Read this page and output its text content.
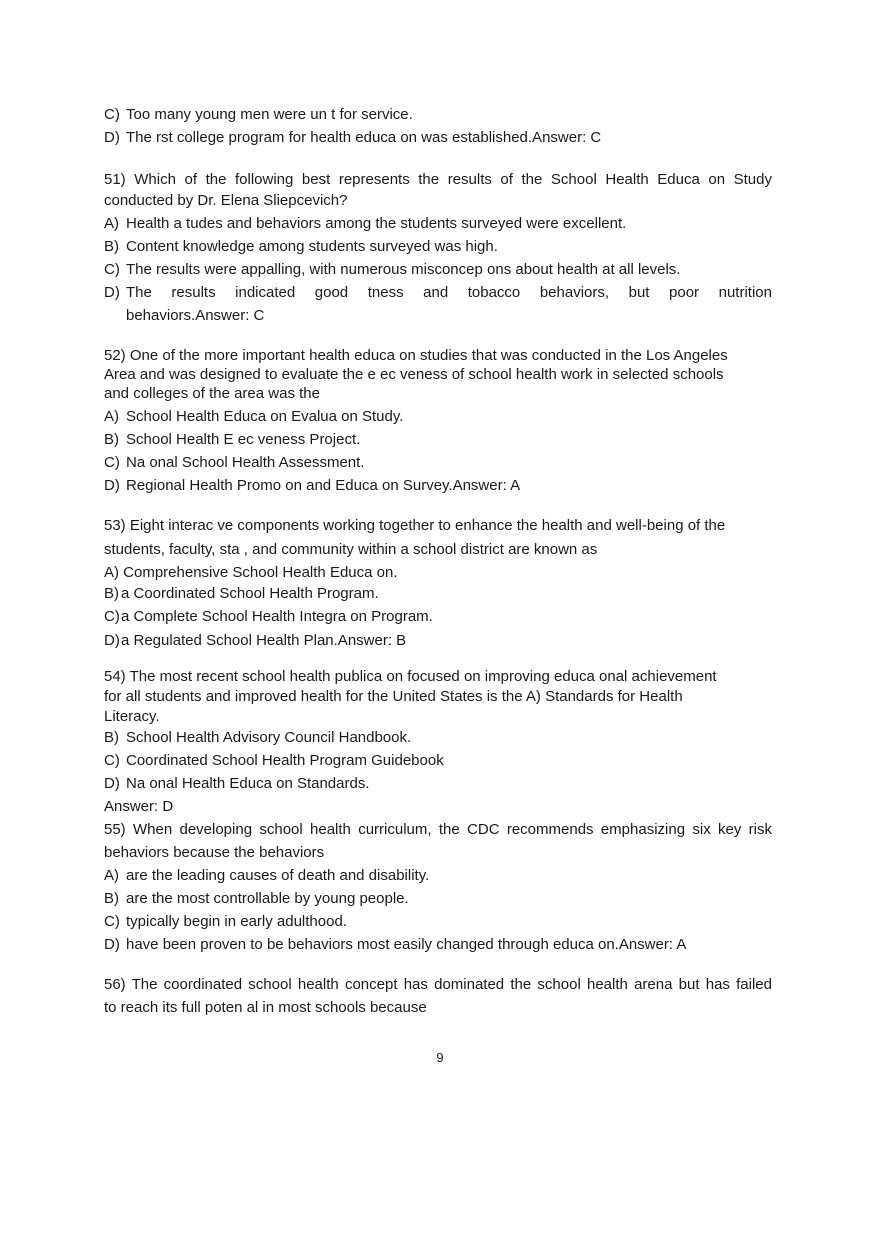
C) Too many young men were un t for service.
D) The rst college program for health educa on was established.Answer: C
51) Which of the following best represents the results of the School Health Educa on Study
conducted by Dr. Elena Sliepcevich?
A) Health a tudes and behaviors among the students surveyed were excellent.
B) Content knowledge among students surveyed was high.
C) The results were appalling, with numerous misconcep ons about health at all levels.
D) The results indicated good tness and tobacco behaviors, but poor nutrition
behaviors.Answer: C
52) One of the more important health educa on studies that was conducted in the Los Angeles
Area and was designed to evaluate the e ec veness of school health work in selected schools
and colleges of the area was the
A) School Health Educa on Evalua on Study.
B) School Health E ec veness Project.
C) Na onal School Health Assessment.
D) Regional Health Promo on and Educa on Survey.Answer: A
53) Eight interac ve components working together to enhance the health and well-being of the
students, faculty, sta , and community within a school district are known as
A) Comprehensive School Health Educa on.
B) a Coordinated School Health Program.
C)a Complete School Health Integra on Program.
D)a Regulated School Health Plan.Answer: B
54) The most recent school health publica on focused on improving educa onal achievement
for all students and improved health for the United States is the A) Standards for Health
Literacy.
B) School Health Advisory Council Handbook.
C) Coordinated School Health Program Guidebook
D) Na onal Health Educa on Standards.
Answer: D
55) When developing school health curriculum, the CDC recommends emphasizing six key risk
behaviors because the behaviors
A) are the leading causes of death and disability.
B) are the most controllable by young people.
C) typically begin in early adulthood.
D) have been proven to be behaviors most easily changed through educa on.Answer: A
56) The coordinated school health concept has dominated the school health arena but has failed
to reach its full poten al in most schools because
9
